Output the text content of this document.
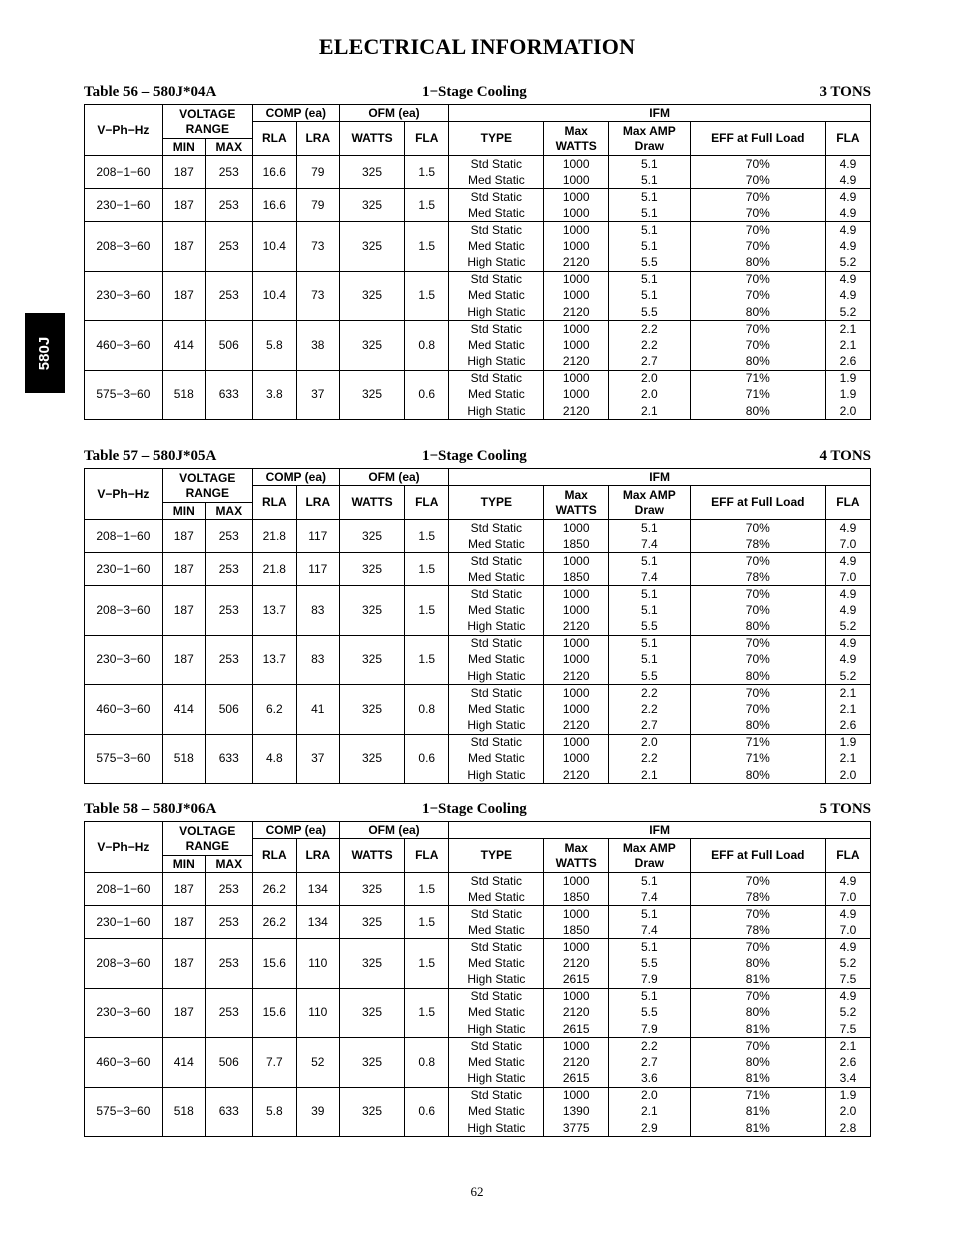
ELECTRICAL INFORMATION
580J
Table 56 – 580J*04A	1−Stage Cooling	3 TONS
V−Ph−Hz	VOLTAGE RANGE		COMP (ea)		OFM (ea)		IFM				
			RLA	LRA	WATTS	FLA	TYPE	Max WATTS	Max AMP Draw	EFF at Full Load	FLA
	MIN	MAX									
208−1−60	187	253	16.6	79	325	1.5	Std Static	1000	5.1	70%	4.9
							Med Static	1000	5.1	70%	4.9
230−1−60	187	253	16.6	79	325	1.5	Std Static	1000	5.1	70%	4.9
							Med Static	1000	5.1	70%	4.9
208−3−60	187	253	10.4	73	325	1.5	Std Static	1000	5.1	70%	4.9
							Med Static	1000	5.1	70%	4.9
							High Static	2120	5.5	80%	5.2
230−3−60	187	253	10.4	73	325	1.5	Std Static	1000	5.1	70%	4.9
							Med Static	1000	5.1	70%	4.9
							High Static	2120	5.5	80%	5.2
460−3−60	414	506	5.8	38	325	0.8	Std Static	1000	2.2	70%	2.1
							Med Static	1000	2.2	70%	2.1
							High Static	2120	2.7	80%	2.6
575−3−60	518	633	3.8	37	325	0.6	Std Static	1000	2.0	71%	1.9
							Med Static	1000	2.0	71%	1.9
							High Static	2120	2.1	80%	2.0
Table 57 – 580J*05A	1−Stage Cooling	4 TONS
V−Ph−Hz	VOLTAGE RANGE		COMP (ea)		OFM (ea)		IFM				
			RLA	LRA	WATTS	FLA	TYPE	Max WATTS	Max AMP Draw	EFF at Full Load	FLA
	MIN	MAX									
208−1−60	187	253	21.8	117	325	1.5	Std Static	1000	5.1	70%	4.9
							Med Static	1850	7.4	78%	7.0
230−1−60	187	253	21.8	117	325	1.5	Std Static	1000	5.1	70%	4.9
							Med Static	1850	7.4	78%	7.0
208−3−60	187	253	13.7	83	325	1.5	Std Static	1000	5.1	70%	4.9
							Med Static	1000	5.1	70%	4.9
							High Static	2120	5.5	80%	5.2
230−3−60	187	253	13.7	83	325	1.5	Std Static	1000	5.1	70%	4.9
							Med Static	1000	5.1	70%	4.9
							High Static	2120	5.5	80%	5.2
460−3−60	414	506	6.2	41	325	0.8	Std Static	1000	2.2	70%	2.1
							Med Static	1000	2.2	70%	2.1
							High Static	2120	2.7	80%	2.6
575−3−60	518	633	4.8	37	325	0.6	Std Static	1000	2.0	71%	1.9
							Med Static	1000	2.2	71%	2.1
							High Static	2120	2.1	80%	2.0
Table 58 – 580J*06A	1−Stage Cooling	5 TONS
V−Ph−Hz	VOLTAGE RANGE		COMP (ea)		OFM (ea)		IFM				
			RLA	LRA	WATTS	FLA	TYPE	Max WATTS	Max AMP Draw	EFF at Full Load	FLA
	MIN	MAX									
208−1−60	187	253	26.2	134	325	1.5	Std Static	1000	5.1	70%	4.9
							Med Static	1850	7.4	78%	7.0
230−1−60	187	253	26.2	134	325	1.5	Std Static	1000	5.1	70%	4.9
							Med Static	1850	7.4	78%	7.0
208−3−60	187	253	15.6	110	325	1.5	Std Static	1000	5.1	70%	4.9
							Med Static	2120	5.5	80%	5.2
							High Static	2615	7.9	81%	7.5
230−3−60	187	253	15.6	110	325	1.5	Std Static	1000	5.1	70%	4.9
							Med Static	2120	5.5	80%	5.2
							High Static	2615	7.9	81%	7.5
460−3−60	414	506	7.7	52	325	0.8	Std Static	1000	2.2	70%	2.1
							Med Static	2120	2.7	80%	2.6
							High Static	2615	3.6	81%	3.4
575−3−60	518	633	5.8	39	325	0.6	Std Static	1000	2.0	71%	1.9
							Med Static	1390	2.1	81%	2.0
							High Static	3775	2.9	81%	2.8
62
